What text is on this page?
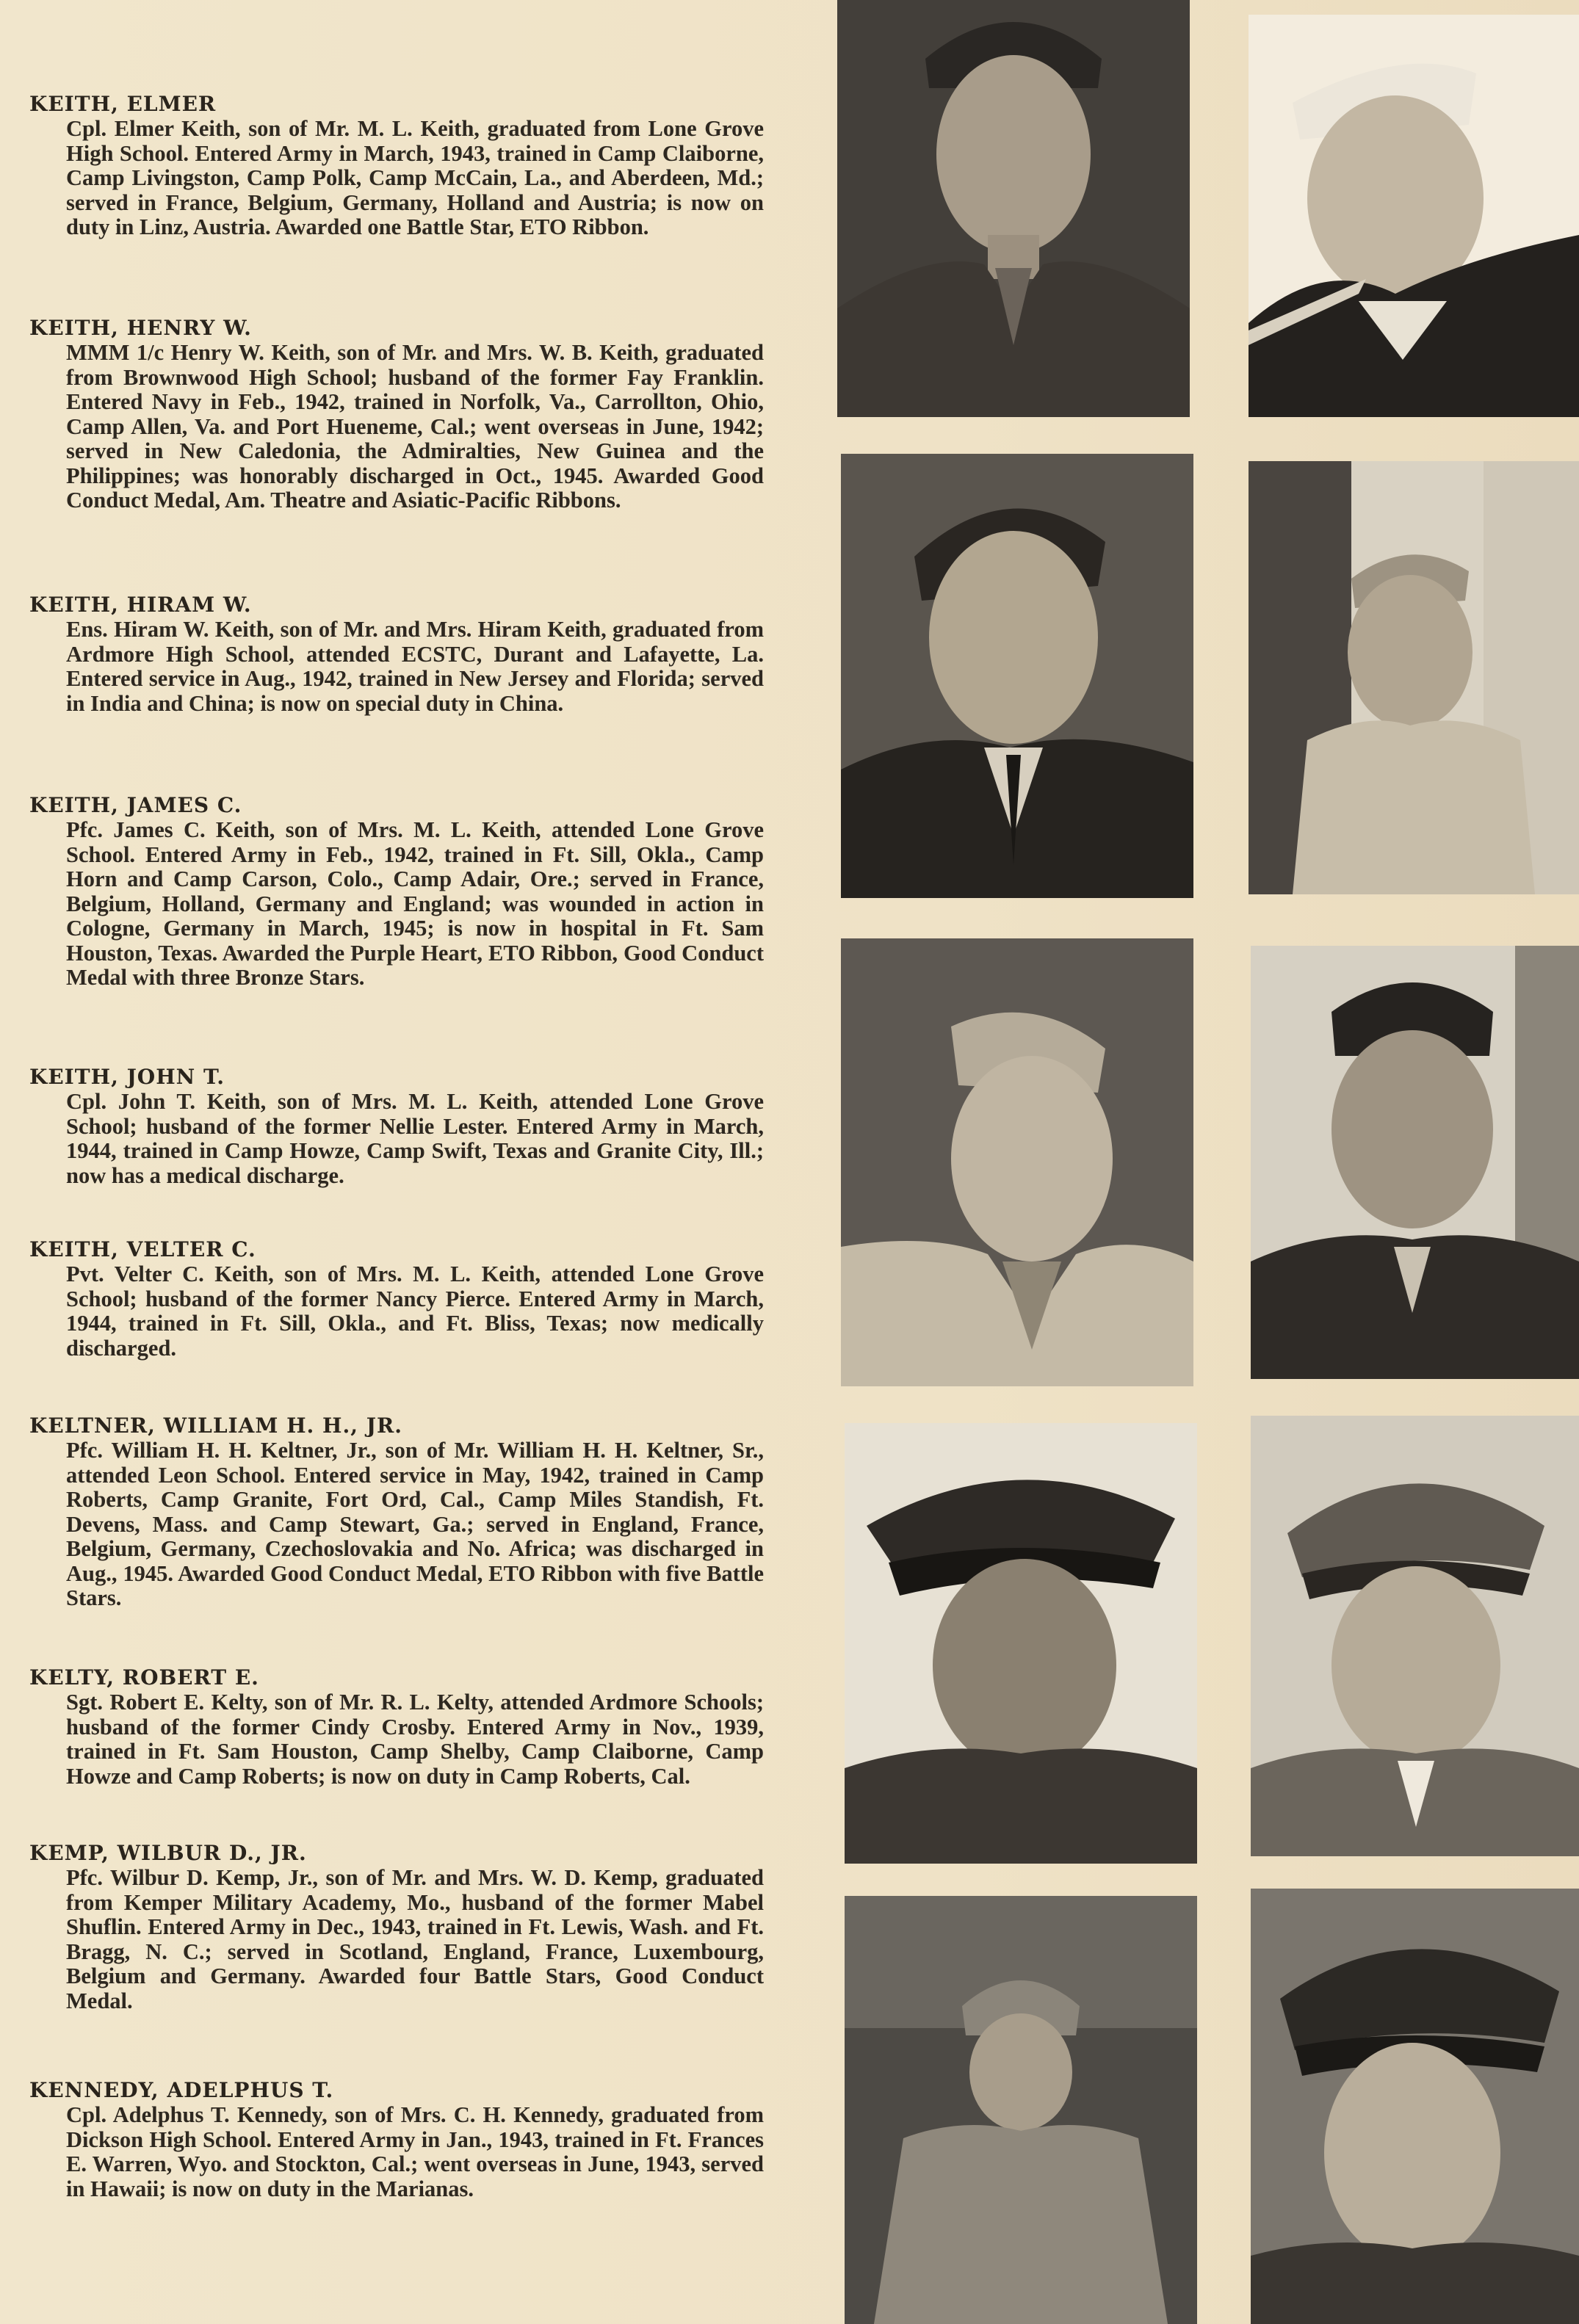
KEITH, ELMER

Cpl. Elmer Keith, son of Mr. M. L. Keith, graduated from Lone Grove High School. Entered Army in March, 1943, trained in Camp Claiborne, Camp Livingston, Camp Polk, Camp McCain, La., and Aberdeen, Md.; served in France, Belgium, Germany, Holland and Austria; is now on duty in Linz, Austria. Awarded one Battle Star, ETO Ribbon.

KEITH, HENRY W.

MMM 1/c Henry W. Keith, son of Mr. and Mrs. W. B. Keith, graduated from Brownwood High School; husband of the former Fay Franklin. Entered Navy in Feb., 1942, trained in Norfolk, Va., Carrollton, Ohio, Camp Allen, Va. and Port Hueneme, Cal.; went overseas in June, 1942; served in New Caledonia, the Admiralties, New Guinea and the Philippines; was honorably discharged in Oct., 1945. Awarded Good Conduct Medal, Am. Theatre and Asiatic-Pacific Ribbons.

KEITH, HIRAM W.

Ens. Hiram W. Keith, son of Mr. and Mrs. Hiram Keith, graduated from Ardmore High School, attended ECSTC, Durant and Lafayette, La. Entered service in Aug., 1942, trained in New Jersey and Florida; served in India and China; is now on special duty in China.

KEITH, JAMES C.

Pfc. James C. Keith, son of Mrs. M. L. Keith, attended Lone Grove School. Entered Army in Feb., 1942, trained in Ft. Sill, Okla., Camp Horn and Camp Carson, Colo., Camp Adair, Ore.; served in France, Belgium, Holland, Germany and England; was wounded in action in Cologne, Germany in March, 1945; is now in hospital in Ft. Sam Houston, Texas. Awarded the Purple Heart, ETO Ribbon, Good Conduct Medal with three Bronze Stars.

KEITH, JOHN T.

Cpl. John T. Keith, son of Mrs. M. L. Keith, attended Lone Grove School; husband of the former Nellie Lester. Entered Army in March, 1944, trained in Camp Howze, Camp Swift, Texas and Granite City, Ill.; now has a medical discharge.

KEITH, VELTER C.

Pvt. Velter C. Keith, son of Mrs. M. L. Keith, attended Lone Grove School; husband of the former Nancy Pierce. Entered Army in March, 1944, trained in Ft. Sill, Okla., and Ft. Bliss, Texas; now medically discharged.

KELTNER, WILLIAM H. H., JR.

Pfc. William H. H. Keltner, Jr., son of Mr. William H. H. Keltner, Sr., attended Leon School. Entered service in May, 1942, trained in Camp Roberts, Camp Granite, Fort Ord, Cal., Camp Miles Standish, Ft. Devens, Mass. and Camp Stewart, Ga.; served in England, France, Belgium, Germany, Czechoslovakia and No. Africa; was discharged in Aug., 1945. Awarded Good Conduct Medal, ETO Ribbon with five Battle Stars.

KELTY, ROBERT E.

Sgt. Robert E. Kelty, son of Mr. R. L. Kelty, attended Ardmore Schools; husband of the former Cindy Crosby. Entered Army in Nov., 1939, trained in Ft. Sam Houston, Camp Shelby, Camp Claiborne, Camp Howze and Camp Roberts; is now on duty in Camp Roberts, Cal.

KEMP, WILBUR D., JR.

Pfc. Wilbur D. Kemp, Jr., son of Mr. and Mrs. W. D. Kemp, graduated from Kemper Military Academy, Mo., husband of the former Mabel Shuflin. Entered Army in Dec., 1943, trained in Ft. Lewis, Wash. and Ft. Bragg, N. C.; served in Scotland, England, France, Luxembourg, Belgium and Germany. Awarded four Battle Stars, Good Conduct Medal.

KENNEDY, ADELPHUS T.

Cpl. Adelphus T. Kennedy, son of Mrs. C. H. Kennedy, graduated from Dickson High School. Entered Army in Jan., 1943, trained in Ft. Frances E. Warren, Wyo. and Stockton, Cal.; went overseas in June, 1943, served in Hawaii; is now on duty in the Marianas.
